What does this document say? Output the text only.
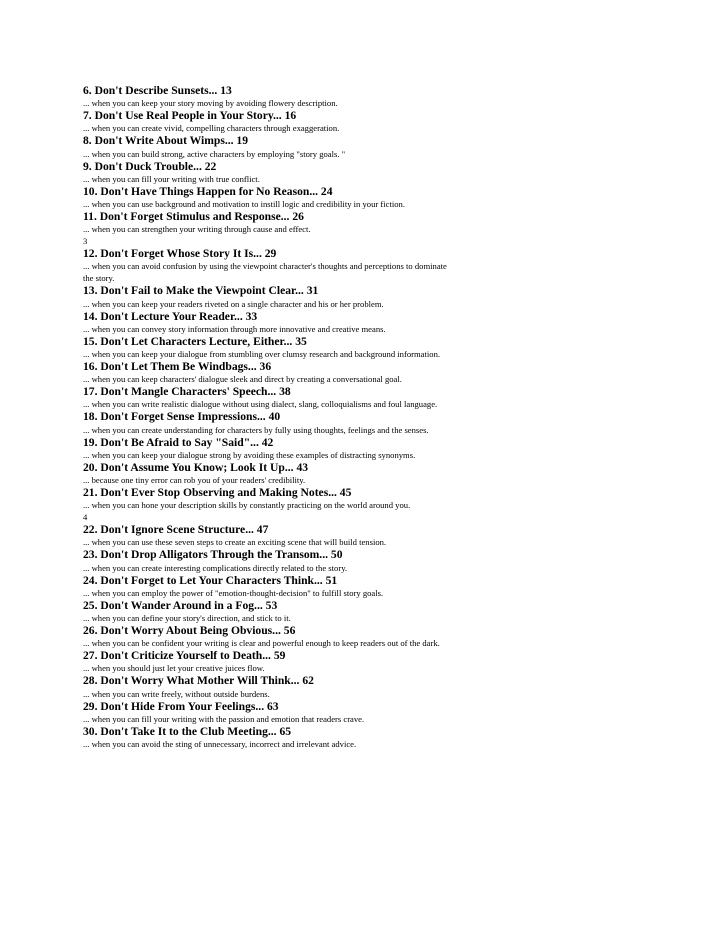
6. Don't Describe Sunsets... 13
... when you can keep your story moving by avoiding flowery description.
7. Don't Use Real People in Your Story... 16
... when you can create vivid, compelling characters through exaggeration.
8. Don't Write About Wimps... 19
... when you can build strong, active characters by employing "story goals. "
9. Don't Duck Trouble... 22
... when you can fill your writing with true conflict.
10. Don't Have Things Happen for No Reason... 24
... when you can use background and motivation to instill logic and credibility in your fiction.
11. Don't Forget Stimulus and Response... 26
... when you can strengthen your writing through cause and effect.
3
12. Don't Forget Whose Story It Is... 29
... when you can avoid confusion by using the viewpoint character's thoughts and perceptions to dominate the story.
13. Don't Fail to Make the Viewpoint Clear... 31
... when you can keep your readers riveted on a single character and his or her problem.
14. Don't Lecture Your Reader... 33
... when you can convey story information through more innovative and creative means.
15. Don't Let Characters Lecture, Either... 35
... when you can keep your dialogue from stumbling over clumsy research and background information.
16. Don't Let Them Be Windbags... 36
... when you can keep characters' dialogue sleek and direct by creating a conversational goal.
17. Don't Mangle Characters' Speech... 38
... when you can write realistic dialogue without using dialect, slang, colloquialisms and foul language.
18. Don't Forget Sense Impressions... 40
... when you can create understanding for characters by fully using thoughts, feelings and the senses.
19. Don't Be Afraid to Say "Said"... 42
... when you can keep your dialogue strong by avoiding these examples of distracting synonyms.
20. Don't Assume You Know; Look It Up... 43
... because one tiny error can rob you of your readers' credibility.
21. Don't Ever Stop Observing and Making Notes... 45
... when you can hone your description skills by constantly practicing on the world around you.
4
22. Don't Ignore Scene Structure... 47
... when you can use these seven steps to create an exciting scene that will build tension.
23. Don't Drop Alligators Through the Transom... 50
... when you can create interesting complications directly related to the story.
24. Don't Forget to Let Your Characters Think... 51
... when you can employ the power of "emotion-thought-decision" to fulfill story goals.
25. Don't Wander Around in a Fog... 53
... when you can define your story's direction, and stick to it.
26. Don't Worry About Being Obvious... 56
... when you can be confident your writing is clear and powerful enough to keep readers out of the dark.
27. Don't Criticize Yourself to Death... 59
... when you should just let your creative juices flow.
28. Don't Worry What Mother Will Think... 62
... when you can write freely, without outside burdens.
29. Don't Hide From Your Feelings... 63
... when you can fill your writing with the passion and emotion that readers crave.
30. Don't Take It to the Club Meeting... 65
... when you can avoid the sting of unnecessary, incorrect and irrelevant advice.
